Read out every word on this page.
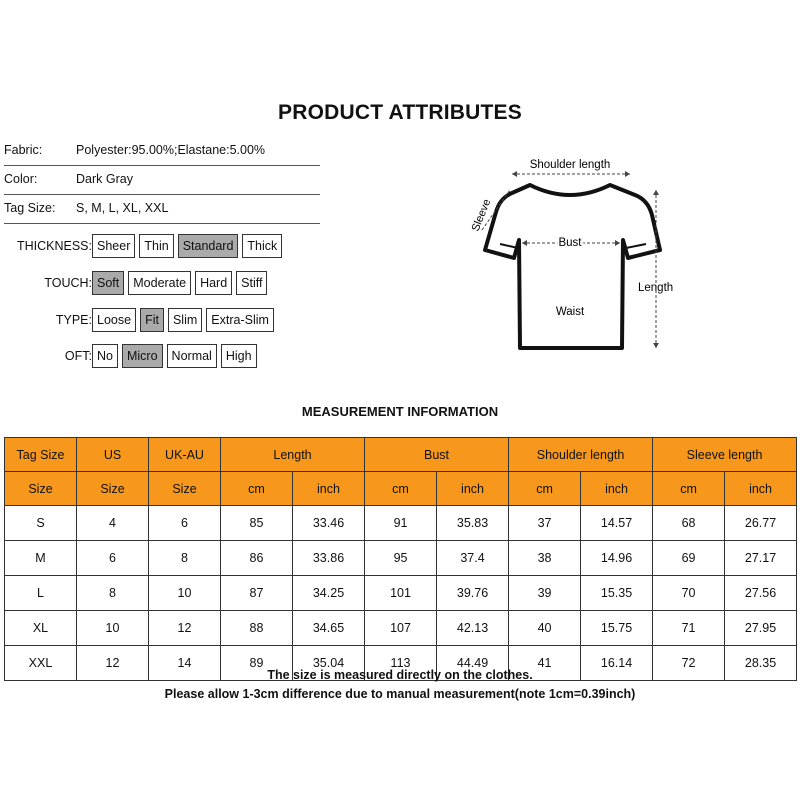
PRODUCT ATTRIBUTES
Fabric:	Polyester:95.00%;Elastane:5.00%
Color:	Dark Gray
Tag Size: S, M, L, XL, XXL
THICKNESS: Sheer	Thin	Standard	Thick
TOUCH: Soft	Moderate	Hard	Stiff
TYPE: Loose	Fit	Slim	Extra-Slim
OFT: No	Micro	Normal	High
Shoulder length
Sleeve
Bust
Waist
Length
MEASUREMENT INFORMATION
Tag Size	US	UK-AU	Length		Bust		Shoulder length		Sleeve length	
Size	Size	Size	cm	inch	cm	inch	cm	inch	cm	inch
S	4	6	85	33.46	91	35.83	37	14.57	68	26.77
M	6	8	86	33.86	95	37.4	38	14.96	69	27.17
L	8	10	87	34.25	101	39.76	39	15.35	70	27.56
XL	10	12	88	34.65	107	42.13	40	15.75	71	27.95
XXL	12	14	89	35.04	113	44.49	41	16.14	72	28.35
The size is measured directly on the clothes.
Please allow 1-3cm difference due to manual measurement(note 1cm=0.39inch)
